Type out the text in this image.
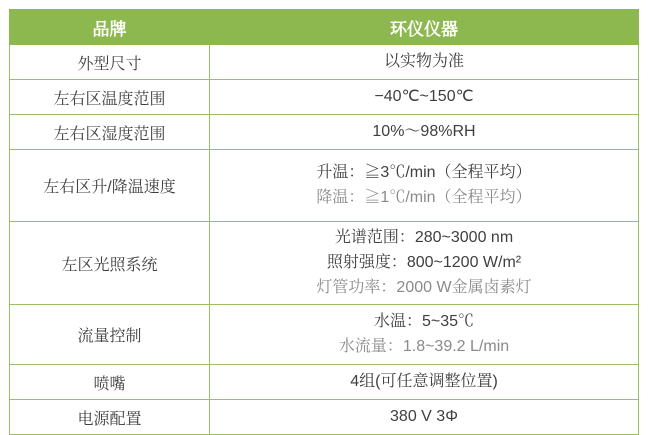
品牌	环仪仪器
外型尺寸	以实物为准

左右区温度范围	−40℃~150℃

左右区湿度范围	10%～98%RH

左右区升/降温速度	升温：≧3℃/min（全程平均）
降温：≧1℃/min（全程平均）

左区光照系统	光谱范围：280~3000 nm
照射强度：800~1200 W/m²
灯管功率：2000 W金属卤素灯

流量控制	水温：5~35℃
水流量：1.8~39.2 L/min

喷嘴	4组(可任意调整位置)

电源配置	380 V 3Φ
